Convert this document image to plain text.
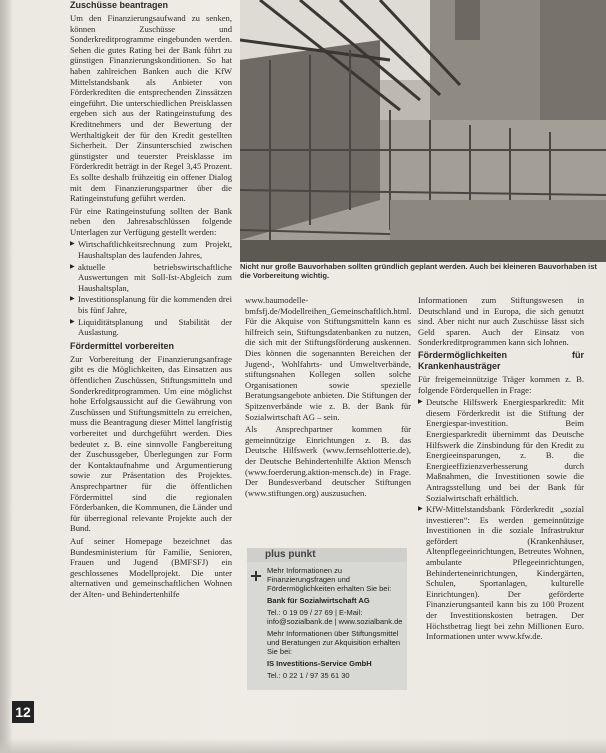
Zuschüsse beantragen

Um den Finanzierungsaufwand zu senken, können Zuschüsse und Sonderkreditprogramme eingebunden werden. Sehen die gutes Rating bei der Bank führt zu günstigen Finanzierungskonditionen. So hat haben zahlreichen Banken auch die KfW Mittelstandsbank als Anbieter von Förderkrediten die entsprechenden Zinssätzen eingeführt. Die unterschiedlichen Preisklassen ergeben sich aus der Ratingeinstufung des Kreditnehmers und der Bewertung der Werthaltigkeit der für den Kredit gestellten Sicherheit. Der Zinsunterschied zwischen günstigster und teuerster Preisklasse im Förderkredit beträgt in der Regel 3,45 Prozent. Es sollte deshalb frühzeitig ein offener Dialog mit dem Finanzierungspartner über die Ratingeinstufung geführt werden.

Für eine Ratingeinstufung sollten der Bank neben den Jahresabschlüssen folgende Unterlagen zur Verfügung gestellt werden:

▶ Wirtschaftlichkeitsrechnung zum Projekt, Haushaltsplan des laufenden Jahres,
▶ aktuelle betriebswirtschaftliche Auswertungen mit Soll-Ist-Abgleich zum Haushaltsplan,
▶ Investitionsplanung für die kommenden drei bis fünf Jahre,
▶ Liquiditätsplanung und Stabilität der Auslastung.
Fördermittel vorbereiten

Zur Vorbereitung der Finanzierungsanfrage gibt es die Möglichkeiten, das Einsatzen aus öffentlichen Zuschüssen, Stiftungsmitteln und Sonderkreditprogrammen. Um eine möglichst hohe Erfolgsaussicht auf die Gewährung von Zuschüssen und Stiftungsmitteln zu erreichen, muss die Beantragung dieser Mittel langfristig vorbereitet und durchgeführt werden. Dies bedeutet z. B. eine sinnvolle Fangbereitung der Zuschussgeber, Überlegungen zur Form der Kontaktaufnahme und Argumentierung sowie zur Präsentation des Projektes. Ansprechpartner für die öffentlichen Fördermittel sind die regionalen Förderbanken, die Kommunen, die Länder und für überregional relevante Projekte auch der Bund.

Auf seiner Homepage bezeichnet das Bundesministerium für Familie, Senioren, Frauen und Jugend (BMFSFJ) ein geschlossenes Modellprojekt. Die unter alternativen und gemeinschaftlichen Wohnen der Alten- und Behindertenhilfe

Nicht nur große Bauvorhaben sollten gründlich geplant werden. Auch bei kleineren Bauvorhaben ist die Vorbereitung wichtig.

www.baumodelle-bmfsfj.de/Modellreihen_Gemeinschaftlich.html. Für die Akquise von Stiftungsmitteln kann es hilfreich sein, Stiftungsdatenbanken zu nutzen, die sich mit der Stiftungsförderung auskennen. Dies können die sogenannten Bereichen der Jugend-, Wohlfahrts- und Umweltverbände, stiftungsnahen Kollegen sollen solche Organisationen sowie spezielle Beratungsangebote anbieten. Die Stiftungen der Spitzenverbände wie z. B. der Bank für Sozialwirtschaft AG – sein.

Als Ansprechpartner kommen für gemeinnützige Einrichtungen z. B. das Deutsche Hilfswerk (www.fernsehlotterie.de), der Deutsche Behindertenhilfe Aktion Mensch (www.foerderung.aktion-mensch.de) in Frage. Der Bundesverband deutscher Stiftungen (www.stiftungen.org) auszusuchen.

plus punkt

Mehr Informationen zu Finanzierungsfragen und Fördermöglichkeiten erhalten Sie bei:

Bank für Sozialwirtschaft AG

Tel.: 0 19 09 / 27 69 | E-Mail: info@sozialbank.de | www.sozialbank.de

Mehr Informationen über Stiftungsmittel und Beratungen zur Akquisition erhalten Sie bei:

IS Investitions-Service GmbH

Tel.: 0 22 1 / 97 35 61 30

Informationen zum Stiftungswesen in Deutschland und in Europa, die sich genutzt sind. Aber nicht nur auch Zuschüsse lässt sich Geld sparen. Auch der Einsatz von Sonderkreditprogrammen kann sich lohnen.

Fördermöglichkeiten für Krankenhausträger

Für freigemeinnützige Träger kommen z. B. folgende Förderquellen in Frage:

▶ Deutsche Hilfswerk Energiesparkredit: Mit diesem Förderkredit ist die Stiftung der Energiespar-investition. Beim Energiesparkredit übernimmt das Deutsche Hilfswerk die Zinsbindung für den Kredit zu Energieeinsparungen, z. B. die Energieeffizienzverbesserung durch Maßnahmen, die Investitionen sowie die Antragsstellung und bei der Bank für Sozialwirtschaft erhältlich.
▶ KfW-Mittelstandsbank Förderkredit „sozial investieren“: Es werden gemeinnützige Investitionen in die soziale Infrastruktur gefördert (Krankenhäuser, Altenpflegeeinrichtungen, Betreutes Wohnen, ambulante Pflegeeinrichtungen, Behinderteneinrichtungen, Kindergärten, Schulen, Sportanlagen, kulturelle Einrichtungen). Der geförderte Finanzierungsanteil kann bis zu 100 Prozent der Investitionskosten betragen. Der Höchstbetrag liegt bei zehn Millionen Euro. Informationen unter www.kfw.de.
12
